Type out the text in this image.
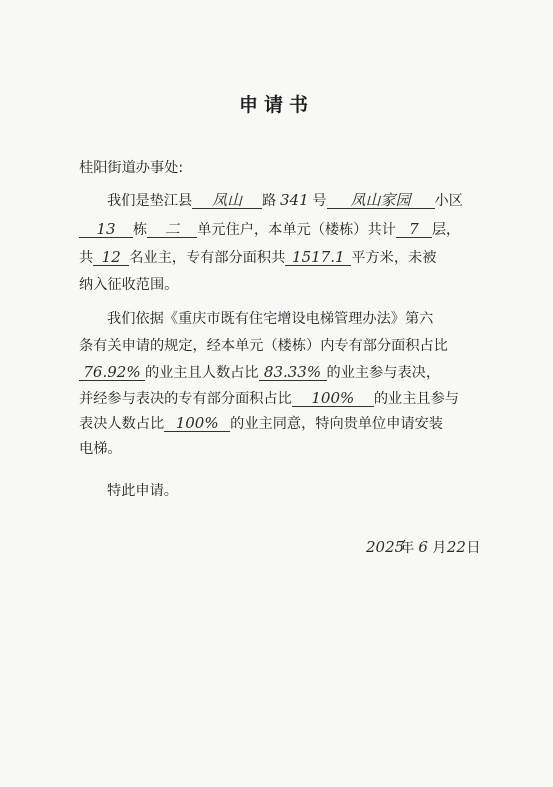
申请书
桂阳街道办事处:
我们是垫江县 凤山 路 341 号 凤山家园 小区
13 栋 二 单元住户，本单元（楼栋）共计 7 层，
共 12 名业主，专有部分面积共 1517.1 平方米，未被
纳入征收范围。
我们依据《重庆市既有住宅增设电梯管理办法》第六
条有关申请的规定，经本单元（楼栋）内专有部分面积占比
76.92% 的业主且人数占比 83.33% 的业主参与表决，
并经参与表决的专有部分面积占比 100% 的业主且参与
表决人数占比 100% 的业主同意，特向贵单位申请安装
电梯。
特此申请。
2025年 6 月22日
